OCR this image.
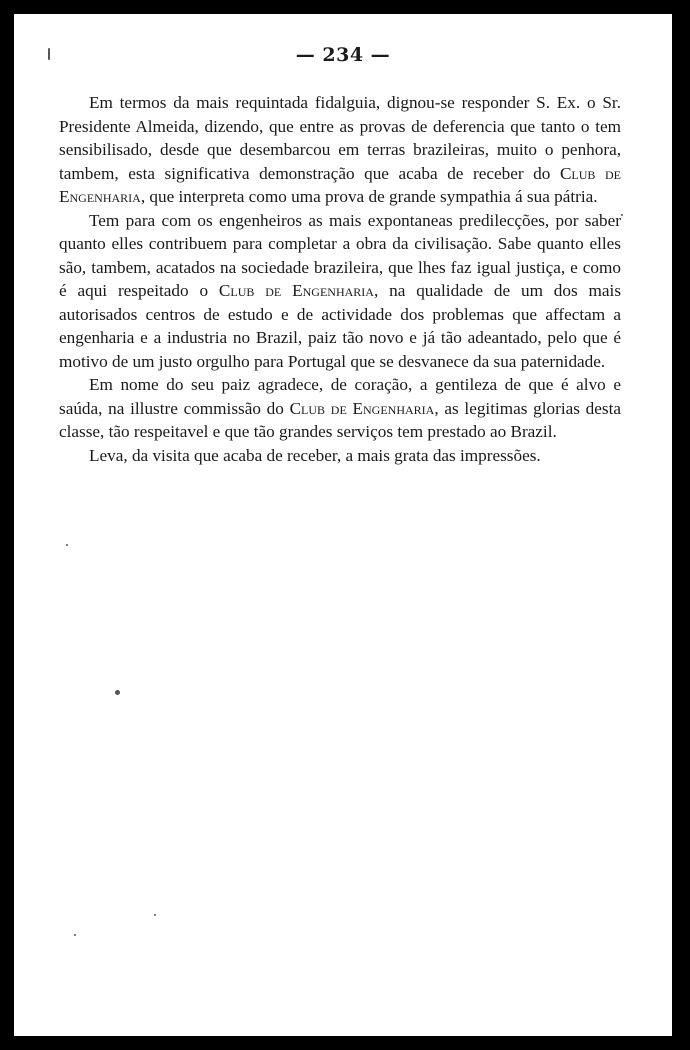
— 234 —

Em termos da mais requintada fidalguia, dignou-se responder S. Ex. o Sr. Presidente Almeida, dizendo, que entre as provas de deferencia que tanto o tem sensibilisado, desde que desembarcou em terras brazileiras, muito o penhora, tambem, esta significativa demonstração que acaba de receber do Club de Engenharia, que interpreta como uma prova de grande sympathia á sua pátria.

Tem para com os engenheiros as mais expontaneas predilecções, por saber quanto elles contribuem para completar a obra da civilisação. Sabe quanto elles são, tambem, acatados na sociedade brazileira, que lhes faz igual justiça, e como é aqui respeitado o Club de Engenharia, na qualidade de um dos mais autorisados centros de estudo e de actividade dos problemas que affectam a engenharia e a industria no Brazil, paiz tão novo e já tão adeantado, pelo que é motivo de um justo orgulho para Portugal que se desvanece da sua paternidade.

Em nome do seu paiz agradece, de coração, a gentileza de que é alvo e saúda, na illustre commissão do Club de Engenharia, as legitimas glorias desta classe, tão respeitavel e que tão grandes serviços tem prestado ao Brazil.

Leva, da visita que acaba de receber, a mais grata das impressões.
